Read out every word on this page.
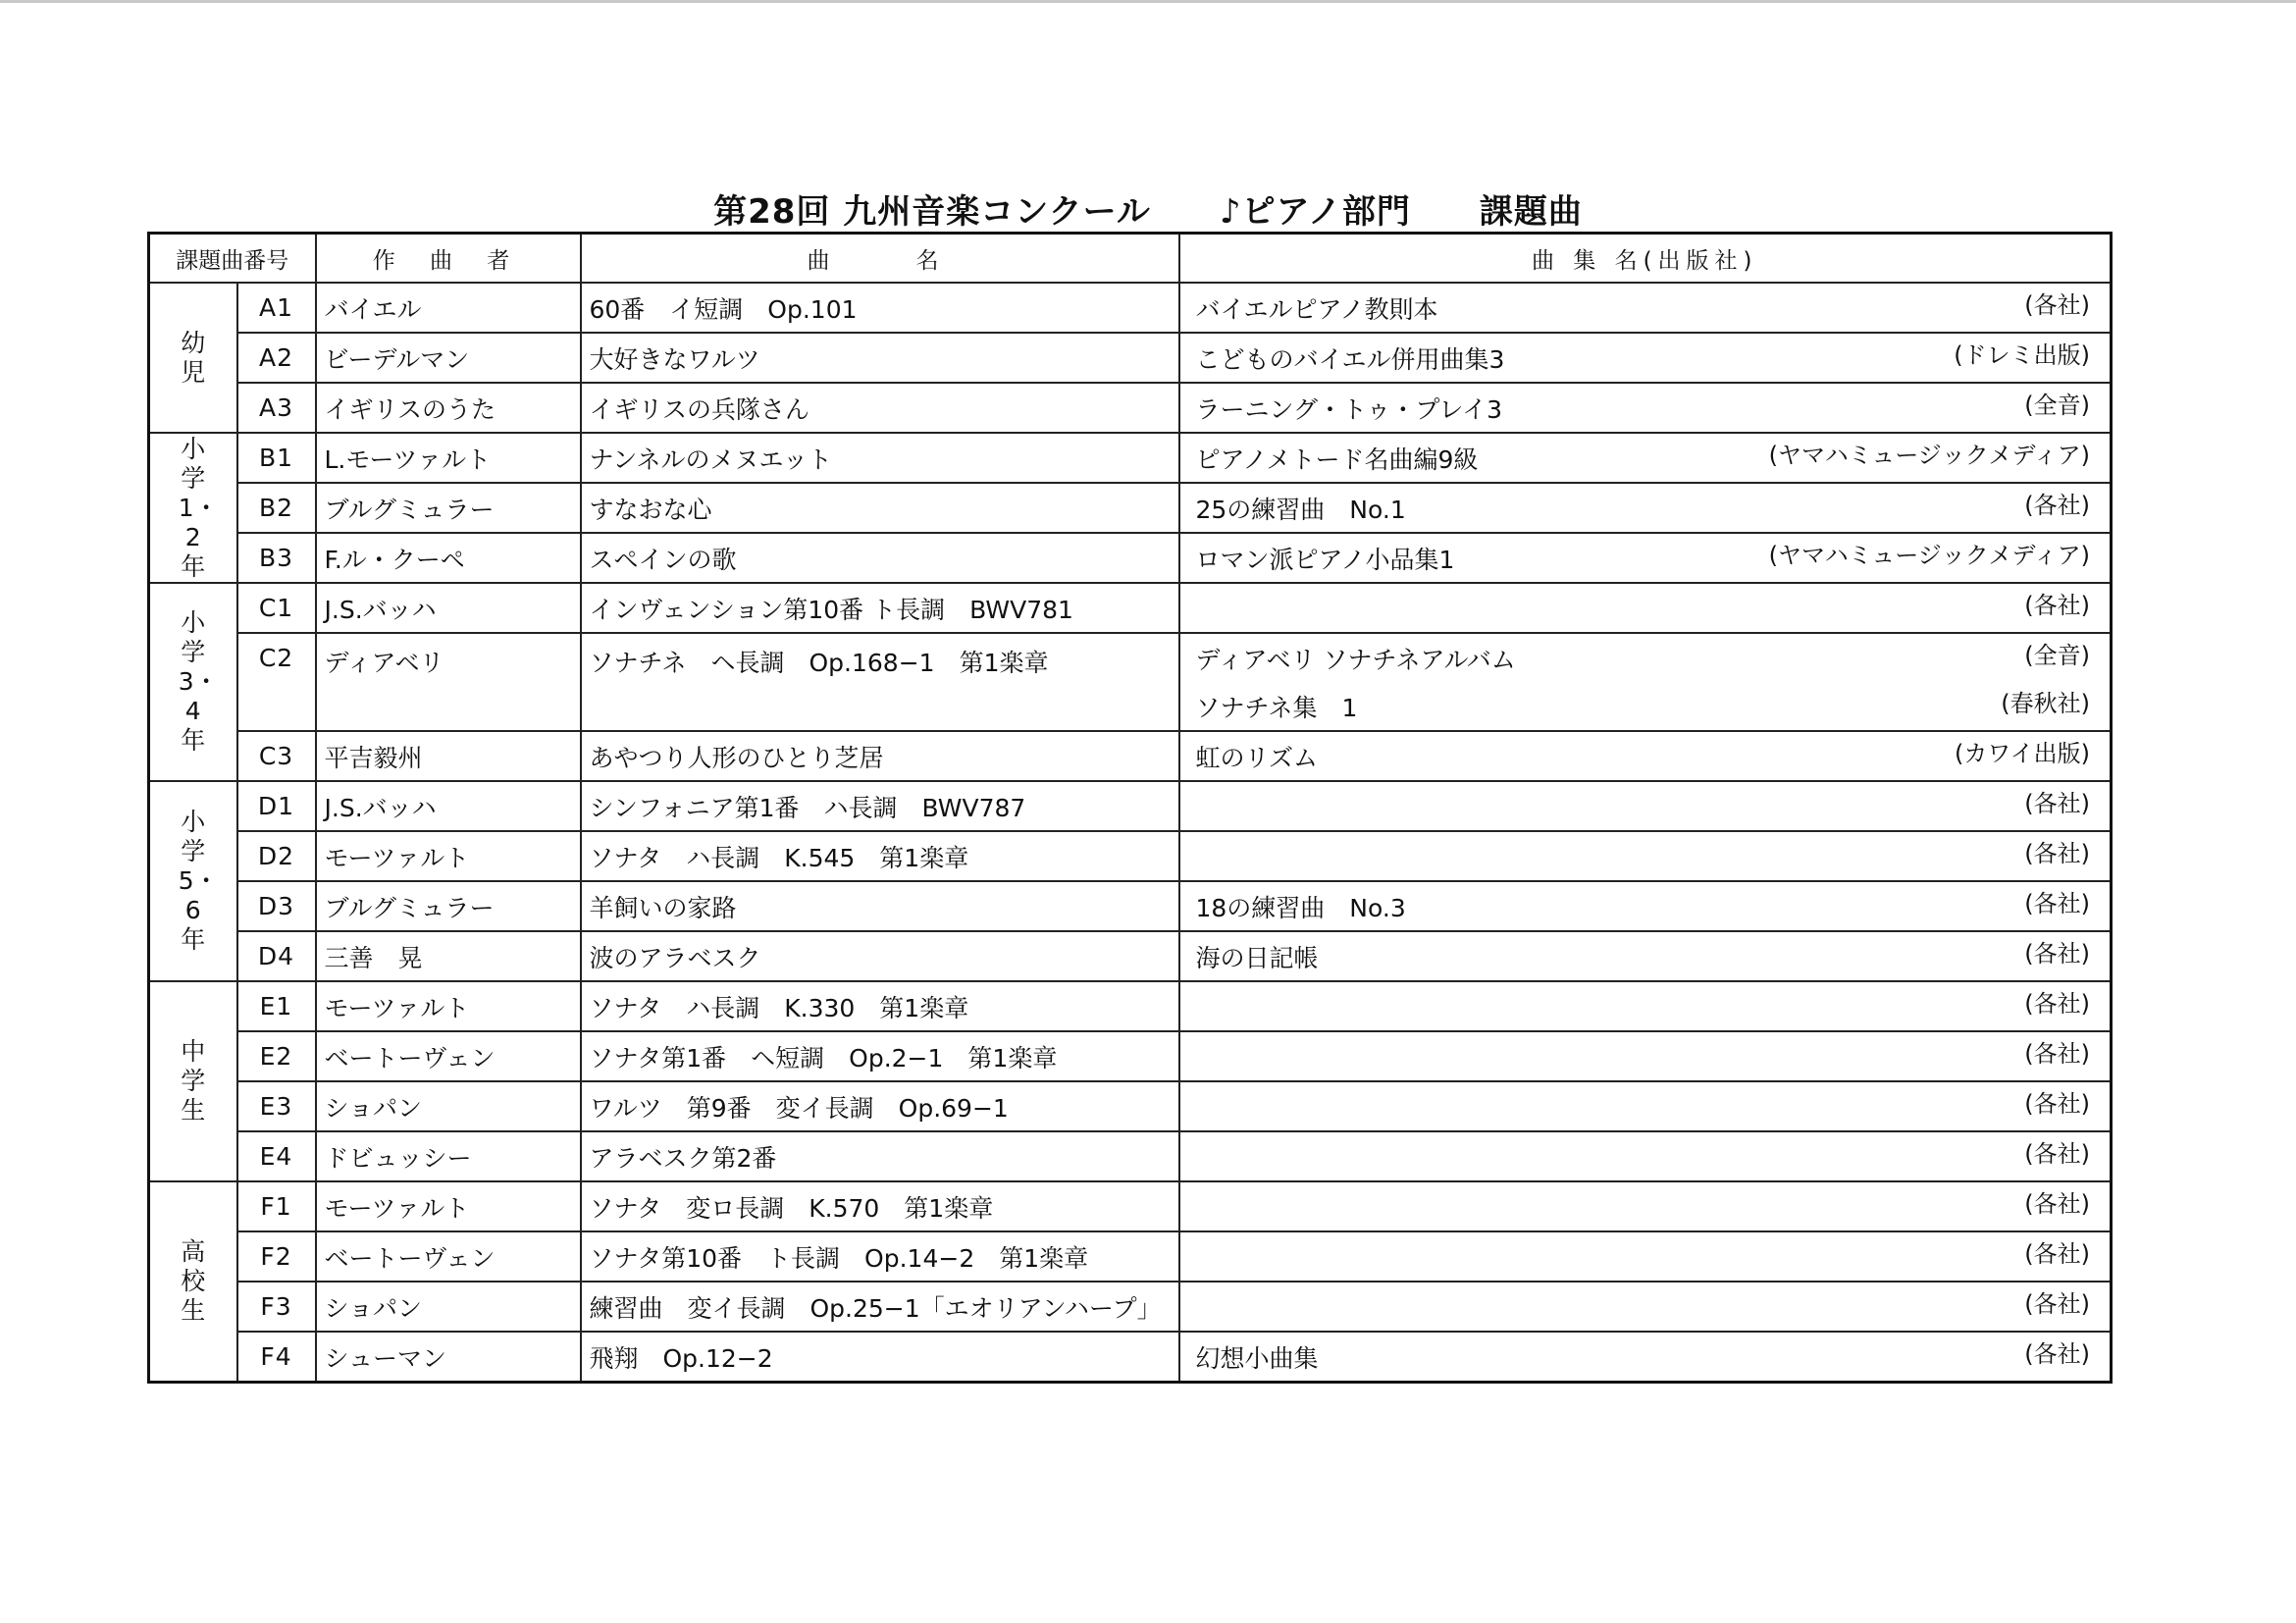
第28回 九州音楽コンクール ♪ピアノ部門 課題曲
課題曲番号		作 曲 者	曲　　名	曲 集 名(出版社)

幼児	A1	バイエル	60番　イ短調　Op.101	バイエルピアノ教則本 (各社)

	A2	ビーデルマン	大好きなワルツ	こどものバイエル併用曲集3 (ドレミ出版)

	A3	イギリスのうた	イギリスの兵隊さん	ラーニング・トゥ・プレイ3 (全音)

小学1・2年	B1	L.モーツァルト	ナンネルのメヌエット	ピアノメトード名曲編9級 (ヤマハミュージックメディア)

	B2	ブルグミュラー	すなおな心	25の練習曲　No.1 (各社)

	B3	F.ル・クーペ	スペインの歌	ロマン派ピアノ小品集1 (ヤマハミュージックメディア)

小学3・4年	C1	J.S.バッハ	インヴェンション第10番 ト長調　BWV781	(各社)

	C2	ディアベリ	ソナチネ　ヘ長調　Op.168−1　第1楽章	ディアベリ ソナチネアルバム (全音)
ソナチネ集　1 (春秋社)

	C3	平吉毅州	あやつり人形のひとり芝居	虹のリズム (カワイ出版)

小学5・6年	D1	J.S.バッハ	シンフォニア第1番　ハ長調　BWV787	(各社)

	D2	モーツァルト	ソナタ　ハ長調　K.545　第1楽章	(各社)

	D3	ブルグミュラー	羊飼いの家路	18の練習曲　No.3 (各社)

	D4	三善　晃	波のアラベスク	海の日記帳 (各社)

中学生	E1	モーツァルト	ソナタ　ハ長調　K.330　第1楽章	(各社)

	E2	ベートーヴェン	ソナタ第1番　ヘ短調　Op.2−1　第1楽章	(各社)

	E3	ショパン	ワルツ　第9番　変イ長調　Op.69−1	(各社)

	E4	ドビュッシー	アラベスク第2番	(各社)

高校生	F1	モーツァルト	ソナタ　変ロ長調　K.570　第1楽章	(各社)

	F2	ベートーヴェン	ソナタ第10番　ト長調　Op.14−2　第1楽章	(各社)

	F3	ショパン	練習曲　変イ長調　Op.25−1「エオリアンハープ」	(各社)

	F4	シューマン	飛翔　Op.12−2	幻想小曲集 (各社)
